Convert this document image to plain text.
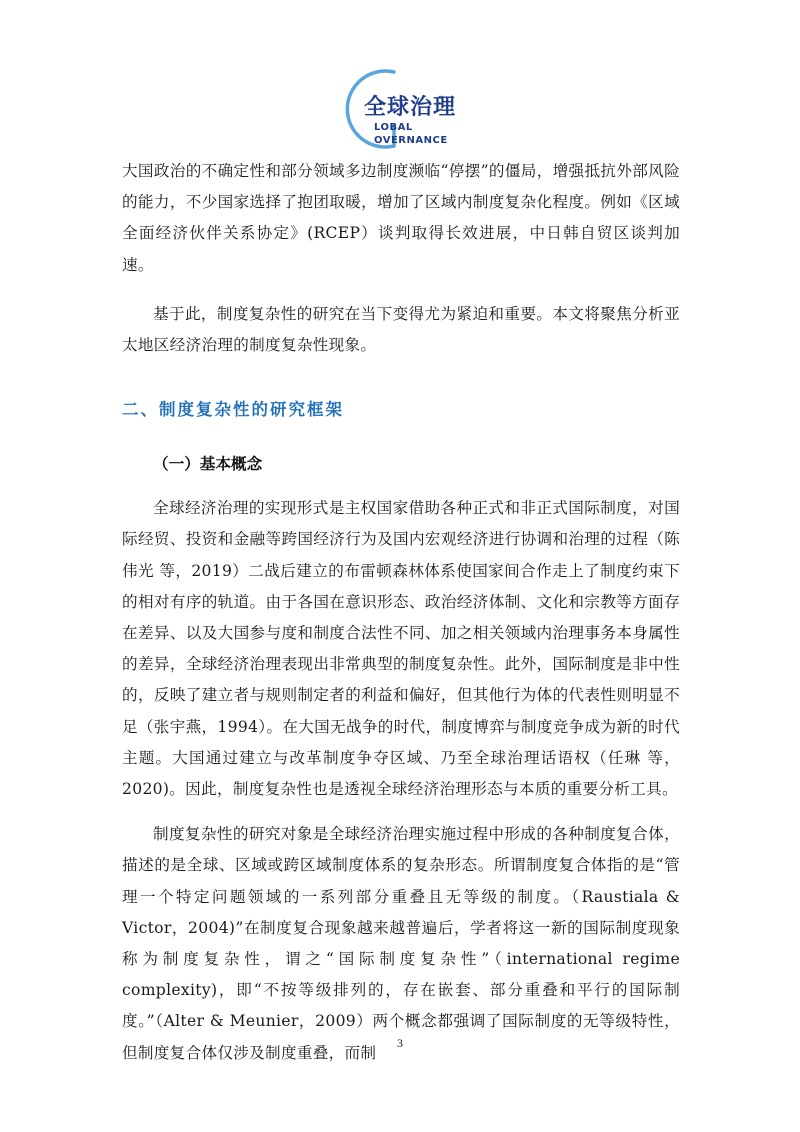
全球治理
LOBAL
OVERNANCE

大国政治的不确定性和部分领域多边制度濒临“停摆”的僵局，增强抵抗外部风险的能力，不少国家选择了抱团取暖，增加了区域内制度复杂化程度。例如《区域全面经济伙伴关系协定》(RCEP）谈判取得长效进展，中日韩自贸区谈判加速。

基于此，制度复杂性的研究在当下变得尤为紧迫和重要。本文将聚焦分析亚太地区经济治理的制度复杂性现象。

二、制度复杂性的研究框架
（一）基本概念

全球经济治理的实现形式是主权国家借助各种正式和非正式国际制度，对国际经贸、投资和金融等跨国经济行为及国内宏观经济进行协调和治理的过程（陈伟光 等，2019）二战后建立的布雷顿森林体系使国家间合作走上了制度约束下的相对有序的轨道。由于各国在意识形态、政治经济体制、文化和宗教等方面存在差异、以及大国参与度和制度合法性不同、加之相关领域内治理事务本身属性的差异，全球经济治理表现出非常典型的制度复杂性。此外，国际制度是非中性的，反映了建立者与规则制定者的利益和偏好，但其他行为体的代表性则明显不足（张宇燕，1994）。在大国无战争的时代，制度博弈与制度竞争成为新的时代主题。大国通过建立与改革制度争夺区域、乃至全球治理话语权（任琳 等，2020)。因此，制度复杂性也是透视全球经济治理形态与本质的重要分析工具。

制度复杂性的研究对象是全球经济治理实施过程中形成的各种制度复合体，描述的是全球、区域或跨区域制度体系的复杂形态。所谓制度复合体指的是“管理一个特定问题领域的一系列部分重叠且无等级的制度。（Raustiala & Victor，2004)”在制度复合现象越来越普遍后，学者将这一新的国际制度现象称为制度复杂性，谓之“国际制度复杂性”（international regime complexity)，即“不按等级排列的，存在嵌套、部分重叠和平行的国际制度。”（Alter & Meunier，2009）两个概念都强调了国际制度的无等级特性，但制度复合体仅涉及制度重叠，而制

3
